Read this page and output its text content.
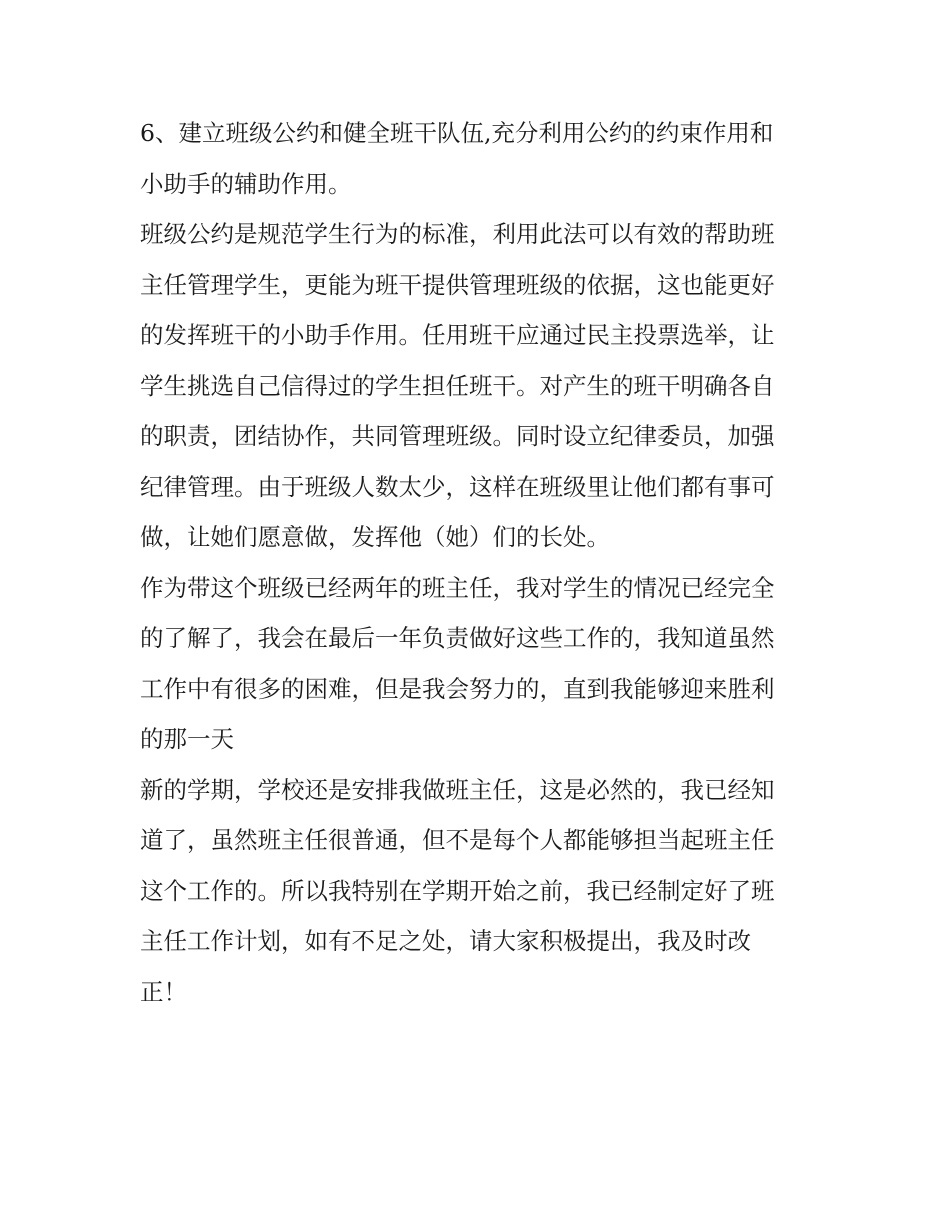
6、建立班级公约和健全班干队伍,充分利用公约的约束作用和
小助手的辅助作用。
班级公约是规范学生行为的标准，利用此法可以有效的帮助班
主任管理学生，更能为班干提供管理班级的依据，这也能更好
的发挥班干的小助手作用。任用班干应通过民主投票选举，让
学生挑选自己信得过的学生担任班干。对产生的班干明确各自
的职责，团结协作，共同管理班级。同时设立纪律委员，加强
纪律管理。由于班级人数太少，这样在班级里让他们都有事可
做，让她们愿意做，发挥他（她）们的长处。
作为带这个班级已经两年的班主任，我对学生的情况已经完全
的了解了，我会在最后一年负责做好这些工作的，我知道虽然
工作中有很多的困难，但是我会努力的，直到我能够迎来胜利
的那一天
新的学期，学校还是安排我做班主任，这是必然的，我已经知
道了，虽然班主任很普通，但不是每个人都能够担当起班主任
这个工作的。所以我特别在学期开始之前，我已经制定好了班
主任工作计划，如有不足之处，请大家积极提出，我及时改
正！
